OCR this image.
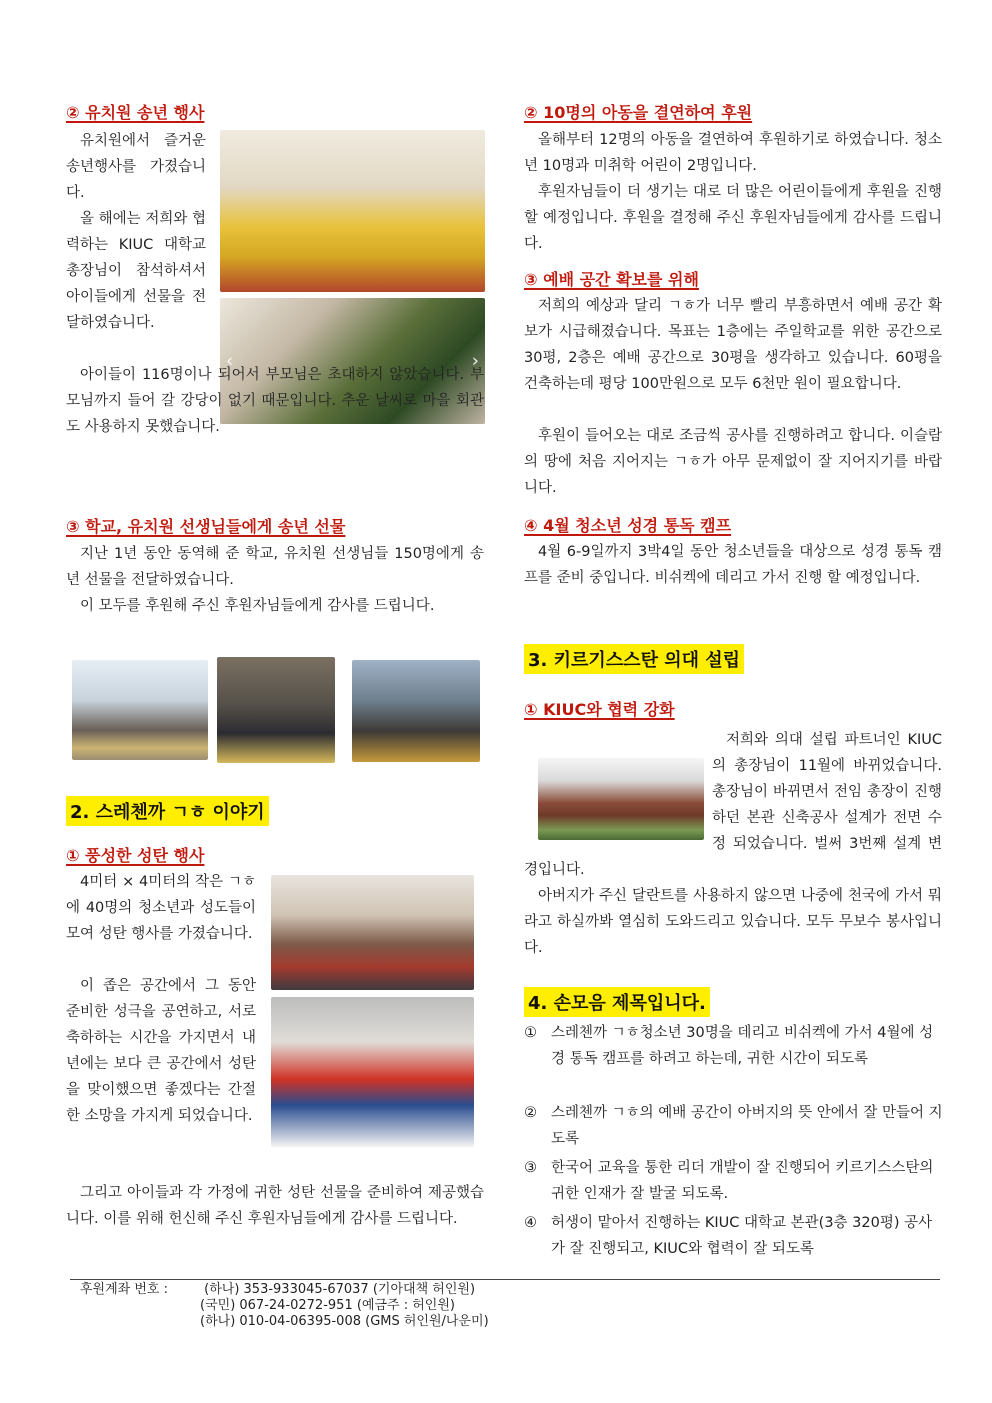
② 유치원 송년 행사
유치원에서 즐거운 송년행사를 가졌습니다.
올 해에는 저희와 협력하는 KIUC 대학교 총장님이 참석하셔서 아이들에게 선물을 전달하였습니다.
‹	›
아이들이 116명이나 되어서 부모님은 초대하지 않았습니다. 부모님까지 들어 갈 강당이 없기 때문입니다. 추운 날씨로 마을 회관도 사용하지 못했습니다.
③ 학교, 유치원 선생님들에게 송년 선물
지난 1년 동안 동역해 준 학교, 유치원 선생님들 150명에게 송년 선물을 전달하였습니다.
이 모두를 후원해 주신 후원자님들에게 감사를 드립니다.
2. 스레첸까 ㄱㅎ 이야기
① 풍성한 성탄 행사
4미터 × 4미터의 작은 ㄱㅎ에 40명의 청소년과 성도들이 모여 성탄 행사를 가졌습니다.
이 좁은 공간에서 그 동안 준비한 성극을 공연하고, 서로 축하하는 시간을 가지면서 내년에는 보다 큰 공간에서 성탄을 맞이했으면 좋겠다는 간절한 소망을 가지게 되었습니다.
그리고 아이들과 각 가정에 귀한 성탄 선물을 준비하여 제공했습니다. 이를 위해 헌신해 주신 후원자님들에게 감사를 드립니다.
② 10명의 아동을 결연하여 후원
올해부터 12명의 아동을 결연하여 후원하기로 하였습니다. 청소년 10명과 미취학 어린이 2명입니다.
후원자님들이 더 생기는 대로 더 많은 어린이들에게 후원을 진행 할 예정입니다. 후원을 결정해 주신 후원자님들에게 감사를 드립니다.
③ 예배 공간 확보를 위해
저희의 예상과 달리 ㄱㅎ가 너무 빨리 부흥하면서 예배 공간 확보가 시급해졌습니다. 목표는 1층에는 주일학교를 위한 공간으로 30평, 2층은 예배 공간으로 30평을 생각하고 있습니다. 60평을 건축하는데 평당 100만원으로 모두 6천만 원이 필요합니다.
후원이 들어오는 대로 조금씩 공사를 진행하려고 합니다. 이슬람의 땅에 처음 지어지는 ㄱㅎ가 아무 문제없이 잘 지어지기를 바랍니다.
④ 4월 청소년 성경 통독 캠프
4월 6-9일까지 3박4일 동안 청소년들을 대상으로 성경 통독 캠프를 준비 중입니다. 비쉬켁에 데리고 가서 진행 할 예정입니다.
3. 키르기스스탄 의대 설립
① KIUC와 협력 강화
저희와 의대 설립 파트너인 KIUC의 총장님이 11월에 바뀌었습니다. 총장님이 바뀌면서 전임 총장이 진행하던 본관 신축공사 설계가 전면 수정 되었습니다. 벌써 3번째 설계 변경입니다.
아버지가 주신 달란트를 사용하지 않으면 나중에 천국에 가서 뭐라고 하실까봐 열심히 도와드리고 있습니다. 모두 무보수 봉사입니다.
4. 손모음 제목입니다.
① 스레첸까 ㄱㅎ청소년 30명을 데리고 비쉬켁에 가서 4월에 성경 통독 캠프를 하려고 하는데, 귀한 시간이 되도록
② 스레첸까 ㄱㅎ의 예배 공간이 아버지의 뜻 안에서 잘 만들어 지도록
③ 한국어 교육을 통한 리더 개발이 잘 진행되어 키르기스스탄의 귀한 인재가 잘 발굴 되도록.
④ 허생이 맡아서 진행하는 KIUC 대학교 본관(3층 320평) 공사가 잘 진행되고, KIUC와 협력이 잘 되도록
후원계좌 번호 :	(하나) 353-933045-67037 (기아대책 허인원)
(국민) 067-24-0272-951 (예금주 : 허인원)
(하나) 010-04-06395-008 (GMS 허인원/나운미)
